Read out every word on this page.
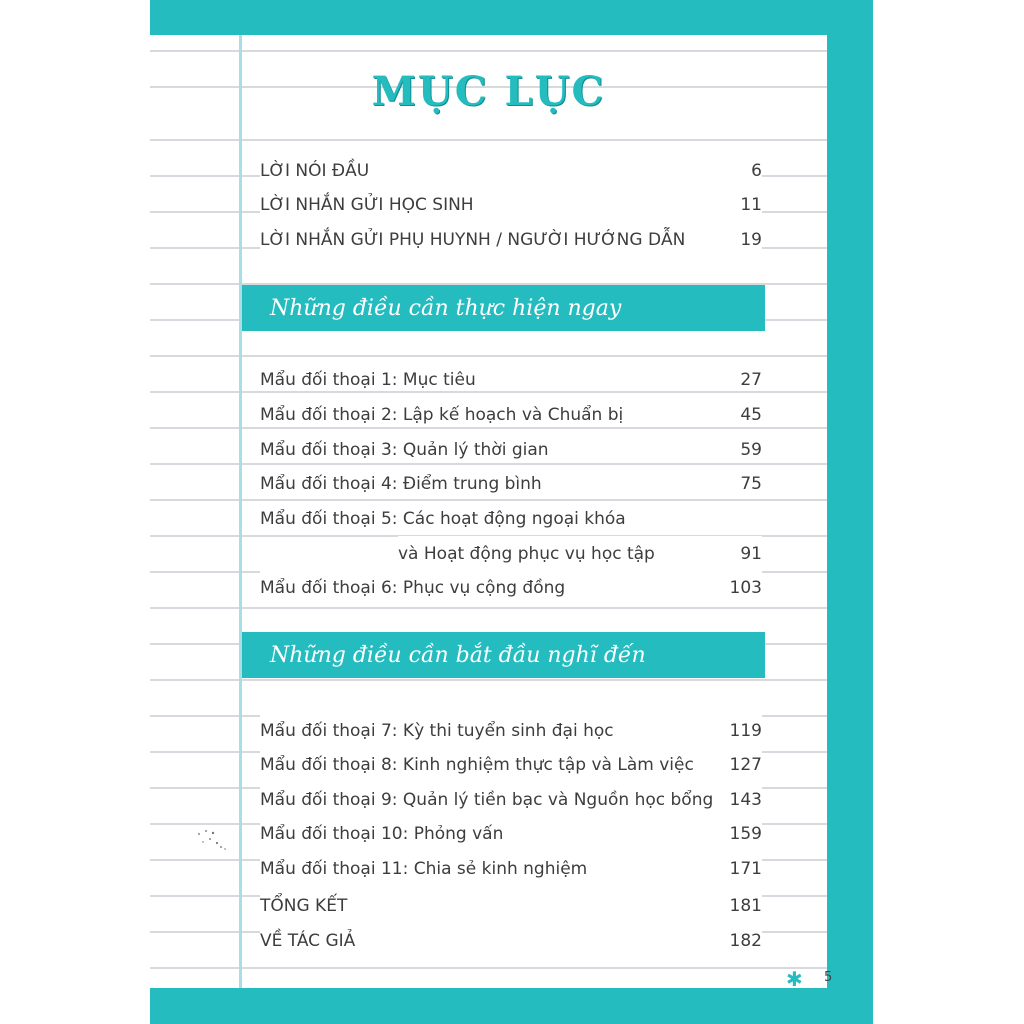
MỤC LỤC
LỜI NÓI ĐẦU	6
LỜI NHẮN GỬI HỌC SINH	11
LỜI NHẮN GỬI PHỤ HUYNH / NGƯỜI HƯỚNG DẪN	19
Những điều cần thực hiện ngay
Mẩu đối thoại 1: Mục tiêu	27
Mẩu đối thoại 2: Lập kế hoạch và Chuẩn bị	45
Mẩu đối thoại 3: Quản lý thời gian	59
Mẩu đối thoại 4: Điểm trung bình	75
Mẩu đối thoại 5: Các hoạt động ngoại khóa
và Hoạt động phục vụ học tập	91
Mẩu đối thoại 6: Phục vụ cộng đồng	103
Những điều cần bắt đầu nghĩ đến
Mẩu đối thoại 7: Kỳ thi tuyển sinh đại học	119
Mẩu đối thoại 8: Kinh nghiệm thực tập và Làm việc 127
Mẩu đối thoại 9: Quản lý tiền bạc và Nguồn học bổng 143
Mẩu đối thoại 10: Phỏng vấn	159
Mẩu đối thoại 11: Chia sẻ kinh nghiệm	171
TỔNG KẾT	181
VỀ TÁC GIẢ	182
✱ 5
